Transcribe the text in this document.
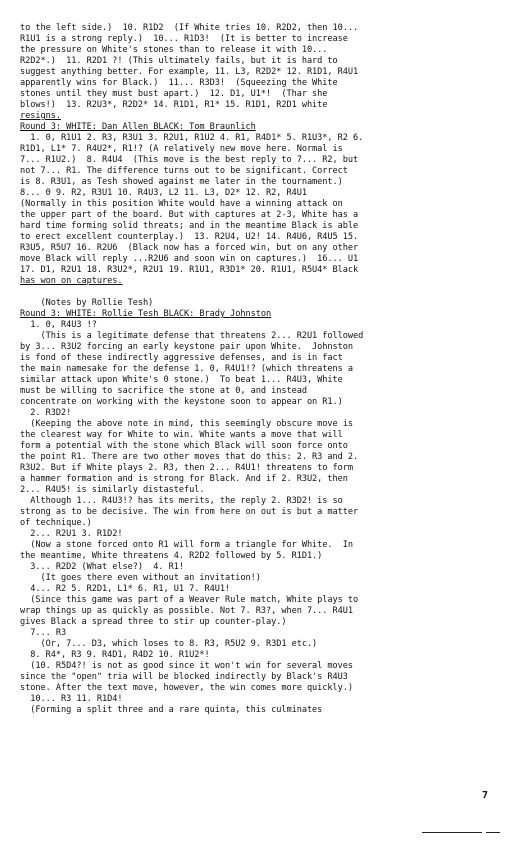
to the left side.)  10. R1D2  (If White tries 10. R2D2, then 10...
R1U1 is a strong reply.)  10... R1D3!  (It is better to increase
the pressure on White's stones than to release it with 10...
R2D2*.)  11. R2D1 ?! (This ultimately fails, but it is hard to
suggest anything better. For example, 11. L3, R2D2* 12. R1D1, R4U1
apparently wins for Black.)  11... R3D3!  (Squeezing the White
stones until they must bust apart.)  12. D1, U1*!  (Thar she
blows!)  13. R2U3*, R2D2* 14. R1D1, R1* 15. R1D1, R2D1 white
resigns.
Round 3: WHITE: Dan Allen BLACK: Tom Braunlich
1. 0, R1U1 2. R3, R3U1 3. R2U1, R1U2 4. R1, R4D1* 5. R1U3*, R2 6.
R1D1, L1* 7. R4U2*, R1!? (A relatively new move here. Normal is
7... R1U2.)  8. R4U4  (This move is the best reply to 7... R2, but
not 7... R1. The difference turns out to be significant. Correct
is 8. R3U1, as Tesh showed against me later in the tournament.)
8... 0 9. R2, R3U1 10. R4U3, L2 11. L3, D2* 12. R2, R4U1
(Normally in this position White would have a winning attack on
the upper part of the board. But with captures at 2-3, White has a
hard time forming solid threats; and in the meantime Black is able
to erect excellent counterplay.)  13. R2U4, U2! 14. R4U6, R4U5 15.
R3U5, R5U7 16. R2U6  (Black now has a forced win, but on any other
move Black will reply ...R2U6 and soon win on captures.)  16... U1
17. D1, R2U1 18. R3U2*, R2U1 19. R1U1, R3D1* 20. R1U1, R5U4* Black
has won on captures.
(Notes by Rollie Tesh)
Round 3: WHITE: Rollie Tesh BLACK: Brady Johnston
1. 0, R4U3 !?
(This is a legitimate defense that threatens 2... R2U1 followed
by 3... R3U2 forcing an early keystone pair upon White.  Johnston
is fond of these indirectly aggressive defenses, and is in fact
the main namesake for the defense 1. 0, R4U1!? (which threatens a
similar attack upon White's 0 stone.)  To beat 1... R4U3, White
must be willing to sacrifice the stone at 0, and instead
concentrate on working with the keystone soon to appear on R1.)
2. R3D2!
(Keeping the above note in mind, this seemingly obscure move is
the clearest way for White to win. White wants a move that will
form a potential with the stone which Black will soon force onto
the point R1. There are two other moves that do this: 2. R3 and 2.
R3U2. But if White plays 2. R3, then 2... R4U1! threatens to form
a hammer formation and is strong for Black. And if 2. R3U2, then
2... R4U5! is similarly distasteful.
Although 1... R4U3!? has its merits, the reply 2. R3D2! is so
strong as to be decisive. The win from here on out is but a matter
of technique.)
2... R2U1 3. R1D2!
(Now a stone forced onto R1 will form a triangle for White.  In
the meantime, White threatens 4. R2D2 followed by 5. R1D1.)
3... R2D2 (What else?)  4. R1!
(It goes there even without an invitation!)
4... R2 5. R2D1, L1* 6. R1, U1 7. R4U1!
(Since this game was part of a Weaver Rule match, White plays to
wrap things up as quickly as possible. Not 7. R3?, when 7... R4U1
gives Black a spread three to stir up counter-play.)
7... R3
(Or, 7... D3, which loses to 8. R3, R5U2 9. R3D1 etc.)
8. R4*, R3 9. R4D1, R4D2 10. R1U2*!
(10. R5D4?! is not as good since it won't win for several moves
since the "open" tria will be blocked indirectly by Black's R4U3
stone. After the text move, however, the win comes more quickly.)
10... R3 11. R1D4!
(Forming a split three and a rare quinta, this culminates
7
